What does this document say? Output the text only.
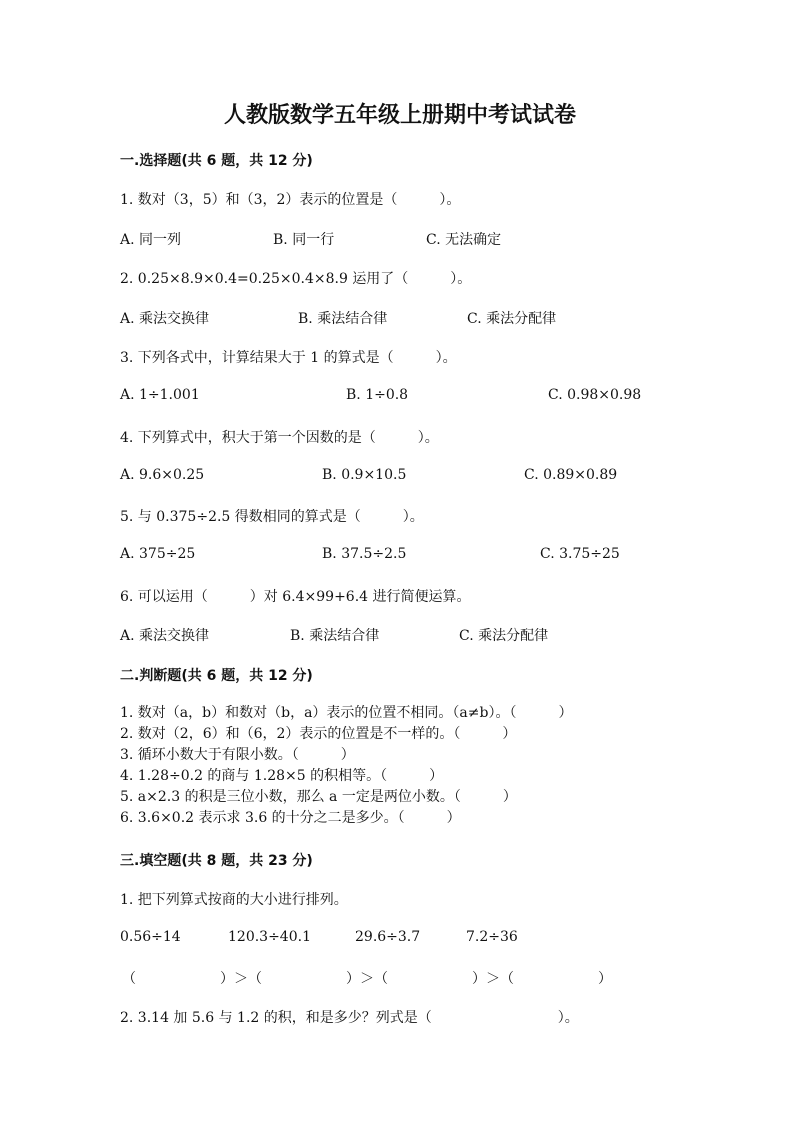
人教版数学五年级上册期中考试试卷
一.选择题(共 6 题，共 12 分)
1. 数对（3，5）和（3，2）表示的位置是（　　　）。
A. 同一列	B. 同一行	C. 无法确定
2. 0.25×8.9×0.4=0.25×0.4×8.9 运用了（　　　）。
A. 乘法交换律	B. 乘法结合律	C. 乘法分配律
3. 下列各式中，计算结果大于 1 的算式是（　　　）。
A. 1÷1.001	B. 1÷0.8	C. 0.98×0.98
4. 下列算式中，积大于第一个因数的是（　　　）。
A. 9.6×0.25	B. 0.9×10.5	C. 0.89×0.89
5. 与 0.375÷2.5 得数相同的算式是（　　　）。
A. 375÷25	B. 37.5÷2.5	C. 3.75÷25
6. 可以运用（　　　）对 6.4×99+6.4 进行简便运算。
A. 乘法交换律	B. 乘法结合律	C. 乘法分配律
二.判断题(共 6 题，共 12 分)
1. 数对（a，b）和数对（b，a）表示的位置不相同。（a≠b）。（　　　）
2. 数对（2，6）和（6，2）表示的位置是不一样的。（　　　）
3. 循环小数大于有限小数。（　　　）
4. 1.28÷0.2 的商与 1.28×5 的积相等。（　　　）
5. a×2.3 的积是三位小数，那么 a 一定是两位小数。（　　　）
6. 3.6×0.2 表示求 3.6 的十分之二是多少。（　　　）
三.填空题(共 8 题，共 23 分)
1. 把下列算式按商的大小进行排列。
0.56÷14	120.3÷40.1	29.6÷3.7	7.2÷36
（　　　　　　）＞（　　　　　　）＞（　　　　　　）＞（　　　　　　）
2. 3.14 加 5.6 与 1.2 的积，和是多少？列式是（　　　　　　　　　）。
